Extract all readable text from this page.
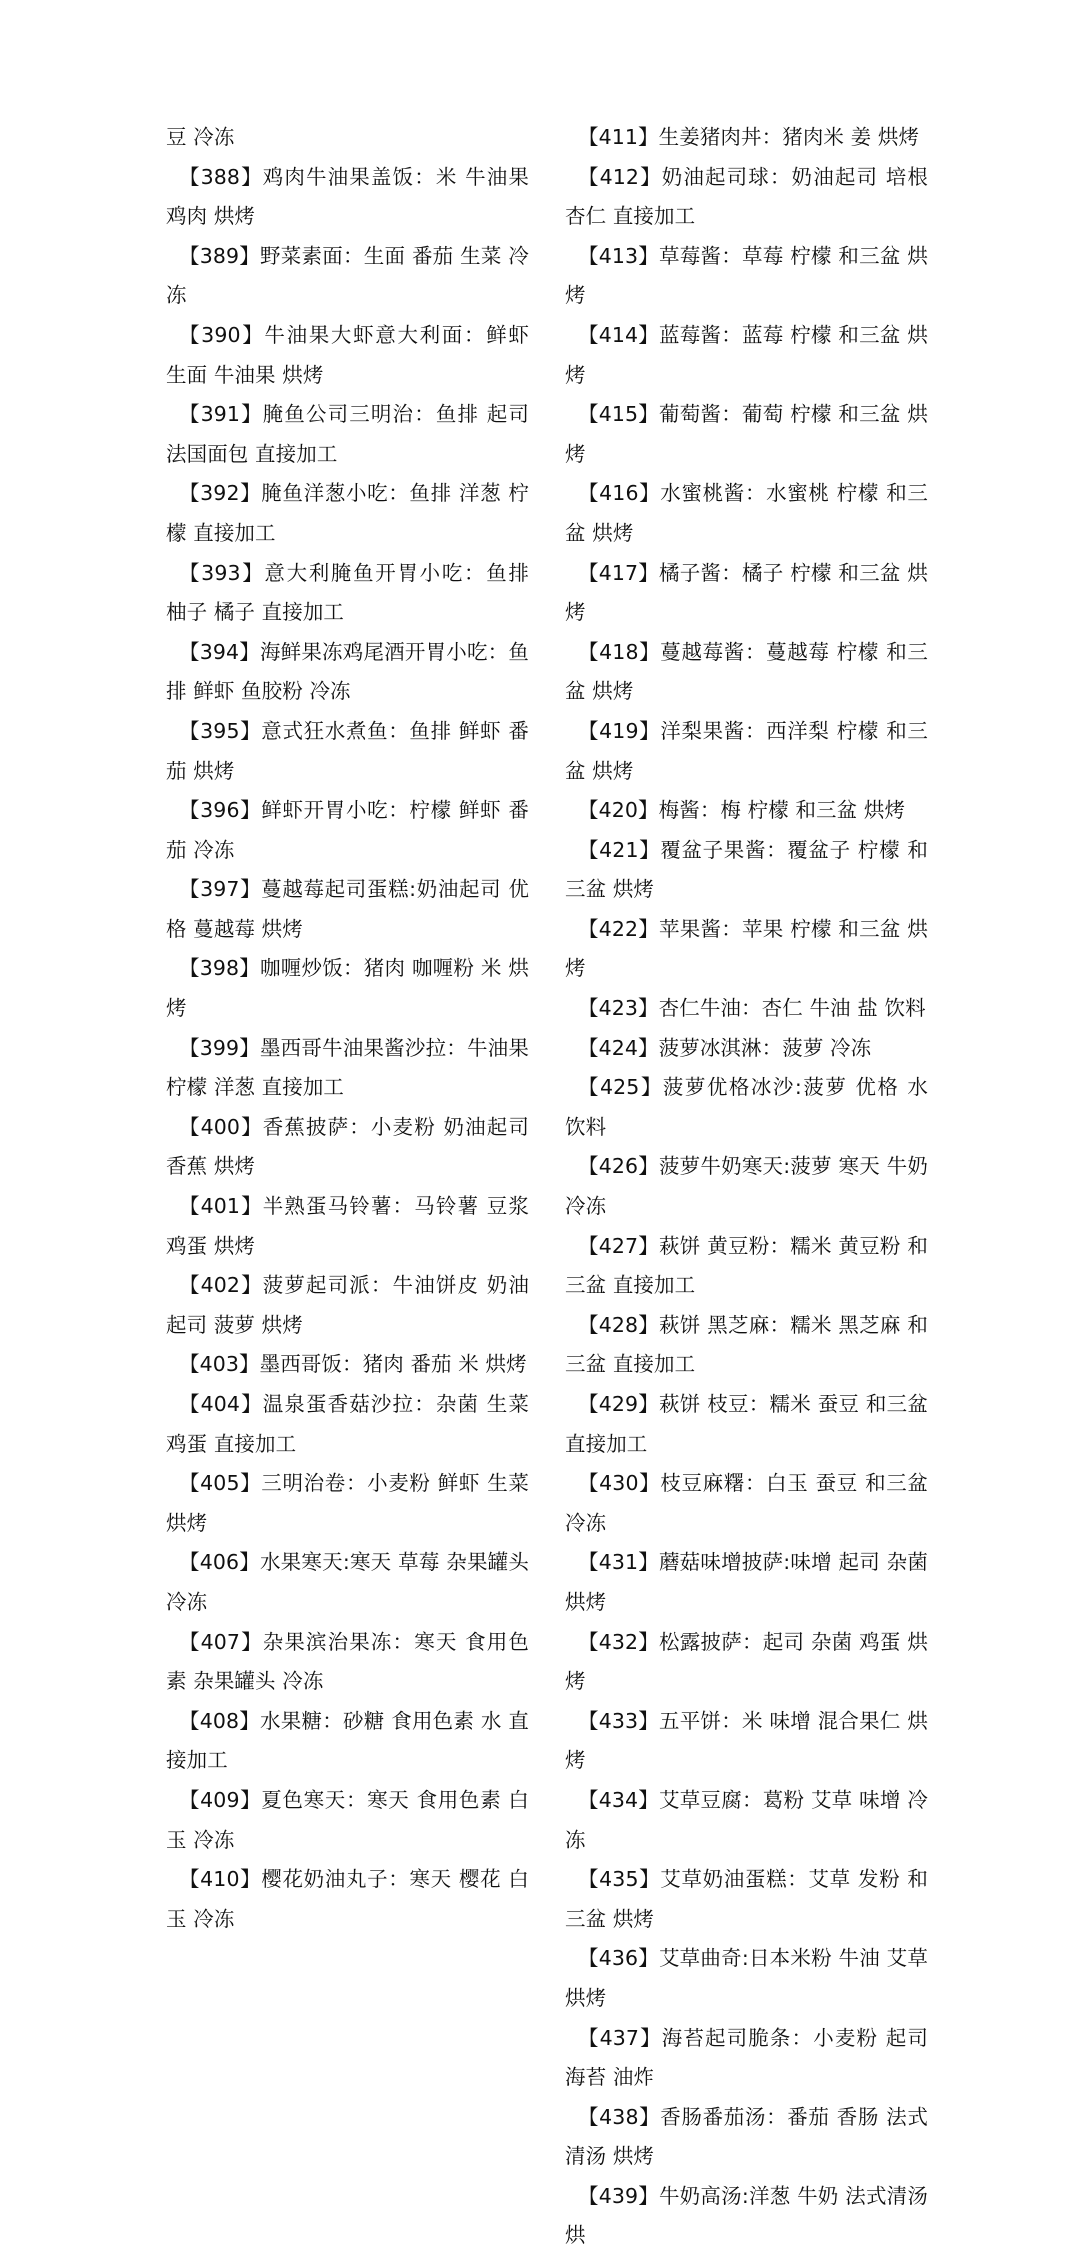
豆 冷冻

【388】鸡肉牛油果盖饭：米 牛油果 鸡肉 烘烤

【389】野菜素面：生面 番茄 生菜 冷冻

【390】牛油果大虾意大利面：鲜虾 生面 牛油果 烘烤

【391】腌鱼公司三明治：鱼排 起司 法国面包 直接加工

【392】腌鱼洋葱小吃：鱼排 洋葱 柠檬 直接加工

【393】意大利腌鱼开胃小吃：鱼排 柚子 橘子 直接加工

【394】海鲜果冻鸡尾酒开胃小吃：鱼排 鲜虾 鱼胶粉 冷冻

【395】意式狂水煮鱼：鱼排 鲜虾 番茄 烘烤

【396】鲜虾开胃小吃：柠檬 鲜虾 番茄 冷冻

【397】蔓越莓起司蛋糕:奶油起司 优格 蔓越莓 烘烤

【398】咖喱炒饭：猪肉 咖喱粉 米 烘烤

【399】墨西哥牛油果酱沙拉：牛油果 柠檬 洋葱 直接加工

【400】香蕉披萨：小麦粉 奶油起司 香蕉 烘烤

【401】半熟蛋马铃薯：马铃薯 豆浆 鸡蛋 烘烤

【402】菠萝起司派：牛油饼皮 奶油起司 菠萝 烘烤

【403】墨西哥饭：猪肉 番茄 米 烘烤

【404】温泉蛋香菇沙拉：杂菌 生菜 鸡蛋 直接加工

【405】三明治卷：小麦粉 鲜虾 生菜 烘烤

【406】水果寒天:寒天 草莓 杂果罐头 冷冻

【407】杂果滨治果冻：寒天 食用色素 杂果罐头 冷冻

【408】水果糖：砂糖 食用色素 水 直接加工

【409】夏色寒天：寒天 食用色素 白玉 冷冻

【410】樱花奶油丸子：寒天 樱花 白玉 冷冻

【411】生姜猪肉丼：猪肉米 姜 烘烤

【412】奶油起司球：奶油起司 培根 杏仁 直接加工

【413】草莓酱：草莓 柠檬 和三盆 烘烤

【414】蓝莓酱：蓝莓 柠檬 和三盆 烘烤

【415】葡萄酱：葡萄 柠檬 和三盆 烘烤

【416】水蜜桃酱：水蜜桃 柠檬 和三盆 烘烤

【417】橘子酱：橘子 柠檬 和三盆 烘烤

【418】蔓越莓酱：蔓越莓 柠檬 和三盆 烘烤

【419】洋梨果酱：西洋梨 柠檬 和三盆 烘烤

【420】梅酱：梅 柠檬 和三盆 烘烤

【421】覆盆子果酱：覆盆子 柠檬 和三盆 烘烤

【422】苹果酱：苹果 柠檬 和三盆 烘烤

【423】杏仁牛油：杏仁 牛油 盐 饮料

【424】菠萝冰淇淋：菠萝 冷冻

【425】菠萝优格冰沙:菠萝 优格 水 饮料

【426】菠萝牛奶寒天:菠萝 寒天 牛奶 冷冻

【427】萩饼 黄豆粉：糯米 黄豆粉 和三盆 直接加工

【428】萩饼 黑芝麻：糯米 黑芝麻 和三盆 直接加工

【429】萩饼 枝豆：糯米 蚕豆 和三盆 直接加工

【430】枝豆麻糬：白玉 蚕豆 和三盆 冷冻

【431】蘑菇味增披萨:味增 起司 杂菌 烘烤

【432】松露披萨：起司 杂菌 鸡蛋 烘烤

【433】五平饼：米 味增 混合果仁 烘烤

【434】艾草豆腐：葛粉 艾草 味增 冷冻

【435】艾草奶油蛋糕：艾草 发粉 和三盆 烘烤

【436】艾草曲奇:日本米粉 牛油 艾草 烘烤

【437】海苔起司脆条：小麦粉 起司 海苔 油炸

【438】香肠番茄汤：番茄 香肠 法式清汤 烘烤

【439】牛奶高汤:洋葱 牛奶 法式清汤 烘
